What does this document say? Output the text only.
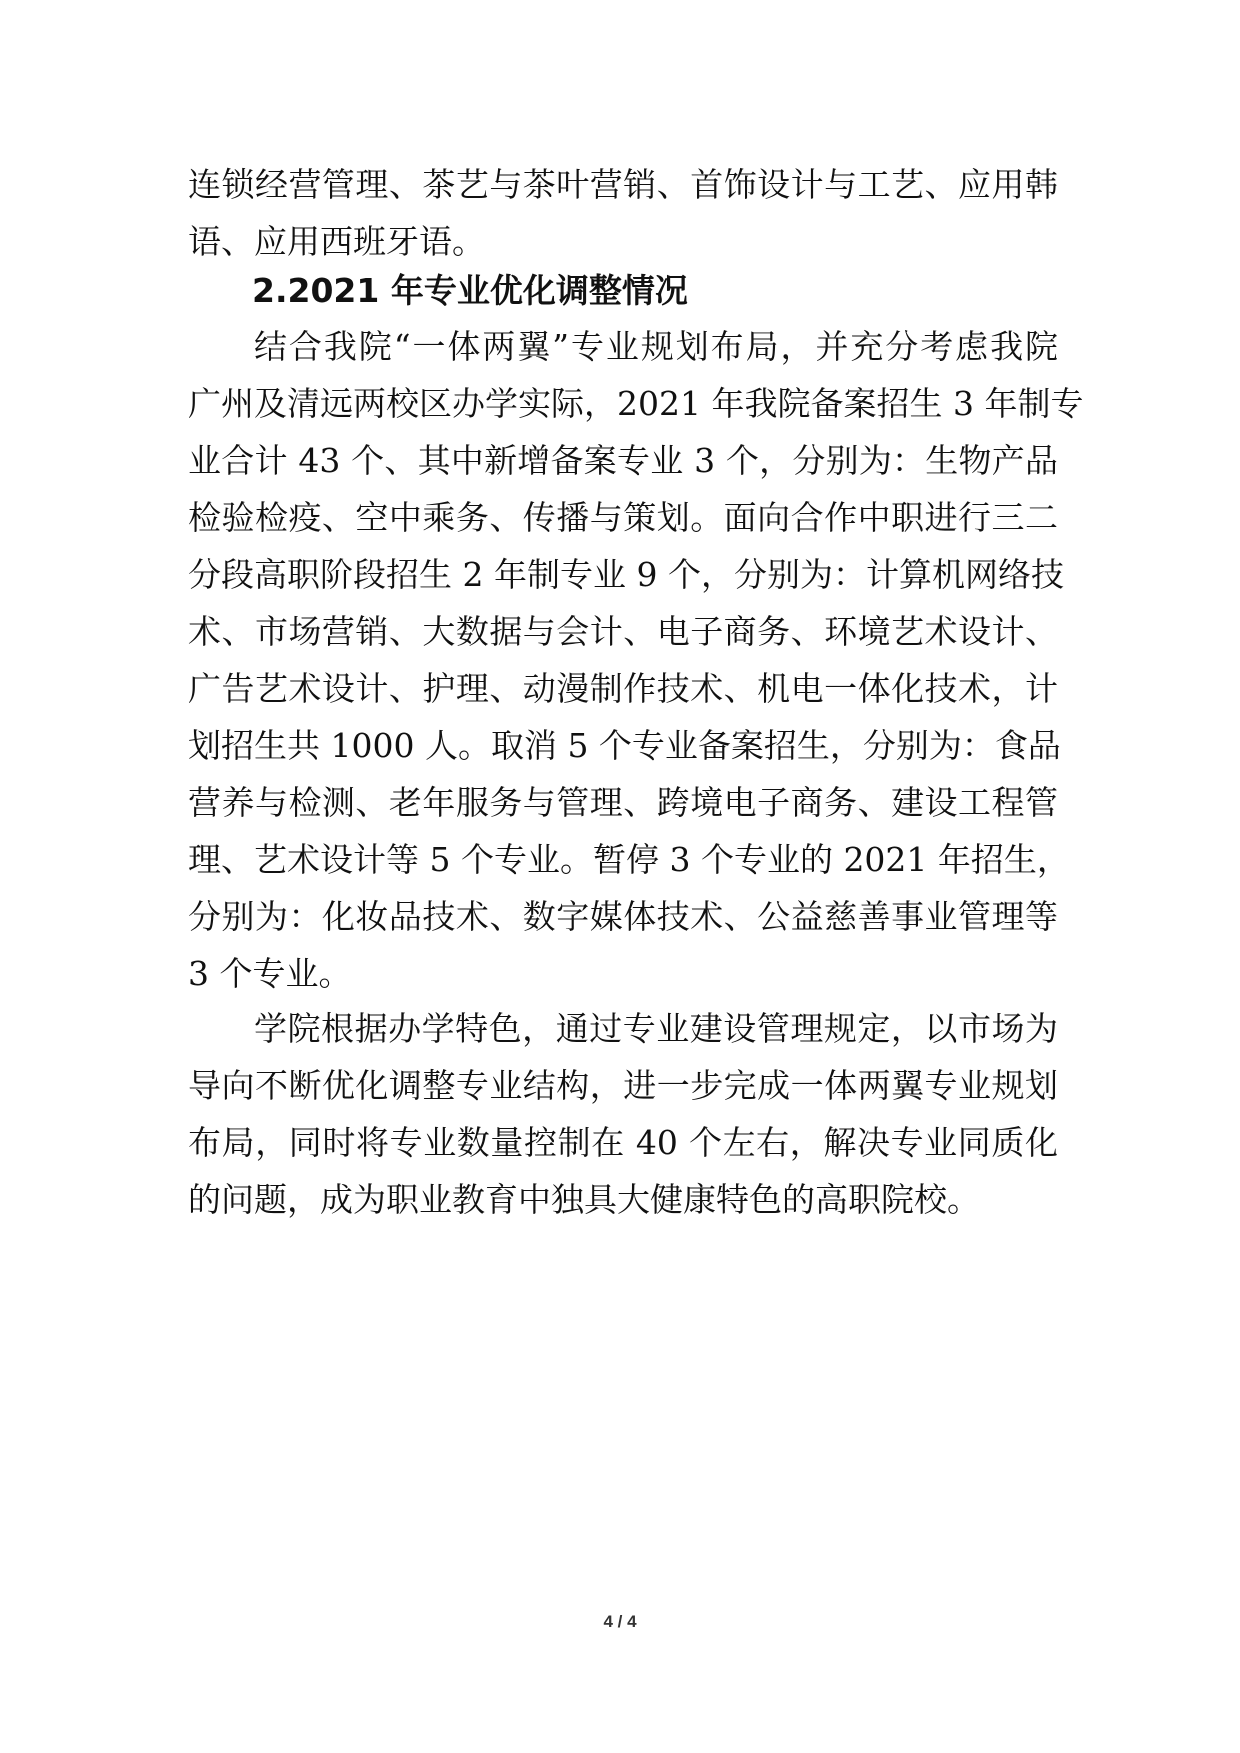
连锁经营管理、茶艺与茶叶营销、首饰设计与工艺、应用韩
语、应用西班牙语。
2.2021 年专业优化调整情况
结合我院“一体两翼”专业规划布局，并充分考虑我院
广州及清远两校区办学实际，2021 年我院备案招生 3 年制专
业合计 43 个、其中新增备案专业 3 个，分别为：生物产品
检验检疫、空中乘务、传播与策划。面向合作中职进行三二
分段高职阶段招生 2 年制专业 9 个，分别为：计算机网络技
术、市场营销、大数据与会计、电子商务、环境艺术设计、
广告艺术设计、护理、动漫制作技术、机电一体化技术，计
划招生共 1000 人。取消 5 个专业备案招生，分别为：食品
营养与检测、老年服务与管理、跨境电子商务、建设工程管
理、艺术设计等 5 个专业。暂停 3 个专业的 2021 年招生，
分别为：化妆品技术、数字媒体技术、公益慈善事业管理等
3 个专业。
学院根据办学特色，通过专业建设管理规定，以市场为
导向不断优化调整专业结构，进一步完成一体两翼专业规划
布局，同时将专业数量控制在 40 个左右，解决专业同质化
的问题，成为职业教育中独具大健康特色的高职院校。
4 / 4
